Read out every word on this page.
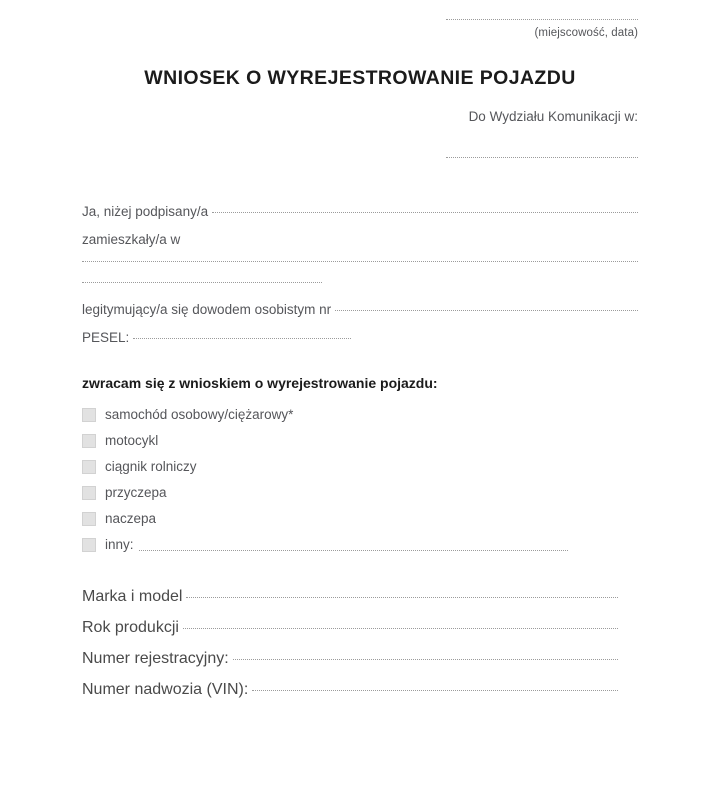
(miejscowość, data)
WNIOSEK O WYREJESTROWANIE POJAZDU
Do Wydziału Komunikacji w:
Ja, niżej podpisany/a
zamieszkały/a w
legitymujący/a się dowodem osobistym nr
PESEL:
zwracam się z wnioskiem o wyrejestrowanie pojazdu:
samochód osobowy/ciężarowy*
motocykl
ciągnik rolniczy
przyczepa
naczepa
inny:
Marka i model
Rok produkcji
Numer rejestracyjny:
Numer nadwozia (VIN):
